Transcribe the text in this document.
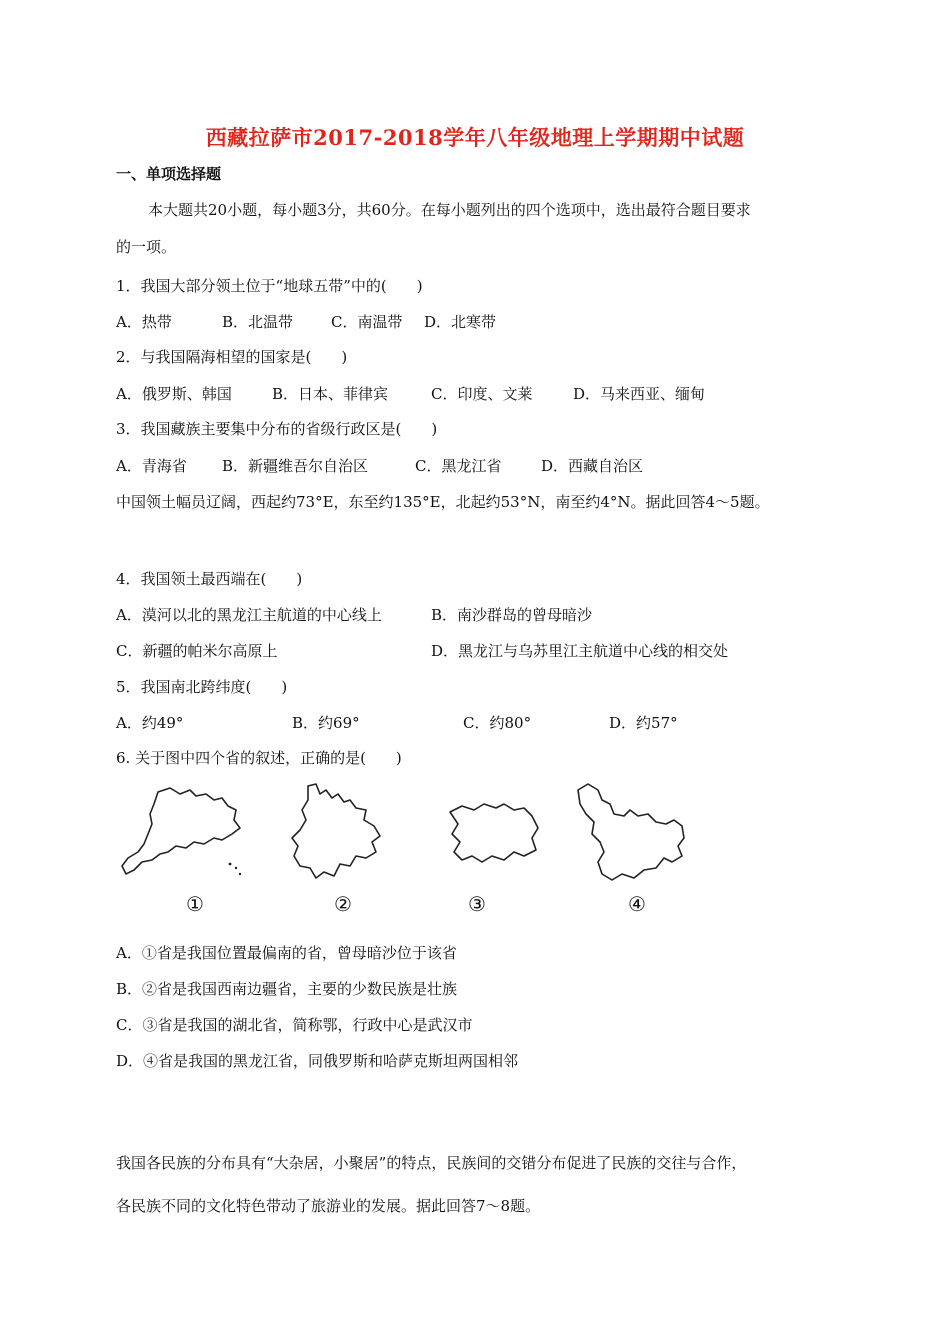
西藏拉萨市2017-2018学年八年级地理上学期期中试题
一、单项选择题
本大题共20小题，每小题3分，共60分。在每小题列出的四个选项中，选出最符合题目要求
的一项。
1．我国大部分领土位于“地球五带”中的(　　)
A．热带	B．北温带	C．南温带 D．北寒带
2．与我国隔海相望的国家是(　　)
A．俄罗斯、韩国	B．日本、菲律宾	C．印度、文莱	D．马来西亚、缅甸
3．我国藏族主要集中分布的省级行政区是(　　)
A．青海省 B．新疆维吾尔自治区	C．黑龙江省	D．西藏自治区
中国领土幅员辽阔，西起约73°E，东至约135°E，北起约53°N，南至约4°N。据此回答4～5题。
4．我国领土最西端在(　　)
A．漠河以北的黑龙江主航道的中心线上	B．南沙群岛的曾母暗沙
C．新疆的帕米尔高原上	D．黑龙江与乌苏里江主航道中心线的相交处
5．我国南北跨纬度(　　)
A．约49°	B．约69°	C．约80°	D．约57°
6. 关于图中四个省的叙述，正确的是(　　)
①	②	③	④
A．①省是我国位置最偏南的省，曾母暗沙位于该省
B．②省是我国西南边疆省，主要的少数民族是壮族
C．③省是我国的湖北省，简称鄂，行政中心是武汉市
D．④省是我国的黑龙江省，同俄罗斯和哈萨克斯坦两国相邻
我国各民族的分布具有“大杂居，小聚居”的特点，民族间的交错分布促进了民族的交往与合作，
各民族不同的文化特色带动了旅游业的发展。据此回答7～8题。
